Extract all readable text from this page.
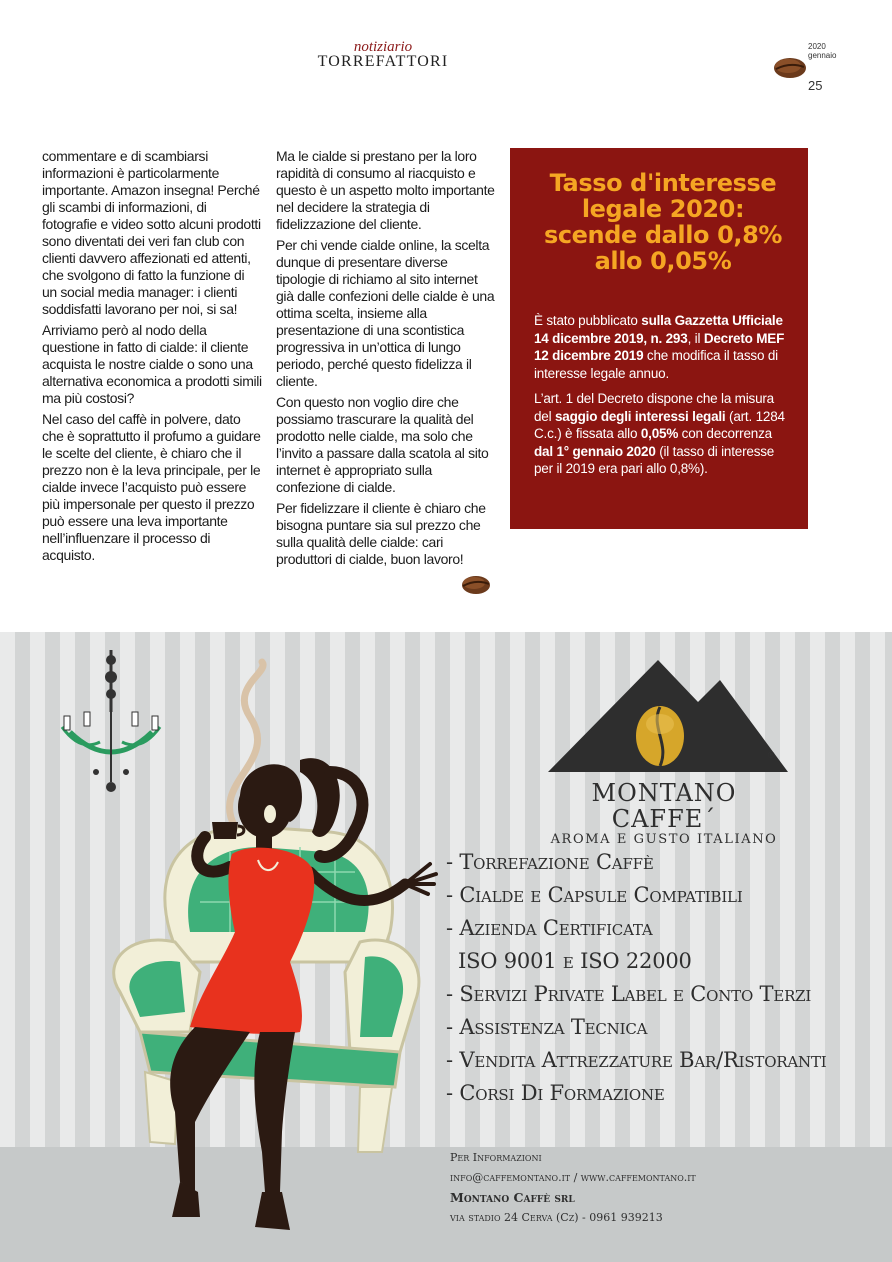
notiziario
TORREFATTORI
2020
gennaio
25

commentare e di scambiarsi informazioni è particolarmente importante. Amazon insegna! Perché gli scambi di informazioni, di fotografie e video sotto alcuni prodotti sono diventati dei veri fan club con clienti davvero affezionati ed attenti, che svolgono di fatto la funzione di un social media manager: i clienti soddisfatti lavorano per noi, si sa!

Arriviamo però al nodo della questione in fatto di cialde: il cliente acquista le nostre cialde o sono una alternativa economica a prodotti simili ma più costosi?

Nel caso del caffè in polvere, dato che è soprattutto il profumo a guidare le scelte del cliente, è chiaro che il prezzo non è la leva principale, per le cialde invece l’acquisto può essere più impersonale per questo il prezzo può essere una leva importante nell’influenzare il processo di acquisto.

Ma le cialde si prestano per la loro rapidità di consumo al riacquisto e questo è un aspetto molto importante nel decidere la strategia di fidelizzazione del cliente.

Per chi vende cialde online, la scelta dunque di presentare diverse tipologie di richiamo al sito internet già dalle confezioni delle cialde è una ottima scelta, insieme alla presentazione di una scontistica progressiva in un’ottica di lungo periodo, perché questo fidelizza il cliente.

Con questo non voglio dire che possiamo trascurare la qualità del prodotto nelle cialde, ma solo che l’invito a passare dalla scatola al sito internet è appropriato sulla confezione di cialde.

Per fidelizzare il cliente è chiaro che bisogna puntare sia sul prezzo che sulla qualità delle cialde: cari produttori di cialde, buon lavoro!

Tasso d'interesse legale 2020: scende dallo 0,8% allo 0,05%

È stato pubblicato sulla Gazzetta Ufficiale 14 dicembre 2019, n. 293, il Decreto MEF 12 dicembre 2019 che modifica il tasso di interesse legale annuo.

L’art. 1 del Decreto dispone che la misura del saggio degli interessi legali (art. 1284 C.c.) è fissata allo 0,05% con decorrenza dal 1° gennaio 2020 (il tasso di interesse per il 2019 era pari allo 0,8%).

®
MONTANO CAFFE´
AROMA E GUSTO ITALIANO
- Torrefazione Caffè
- Cialde e Capsule Compatibili
- Azienda Certificata
ISO 9001 e ISO 22000
- Servizi Private Label e Conto Terzi
- Assistenza Tecnica
- Vendita Attrezzature Bar/Ristoranti
- Corsi Di Formazione
Per Informazioni
info@caffemontano.it / www.caffemontano.it
Montano Caffè srl
via stadio 24 Cerva (Cz) - 0961 939213
